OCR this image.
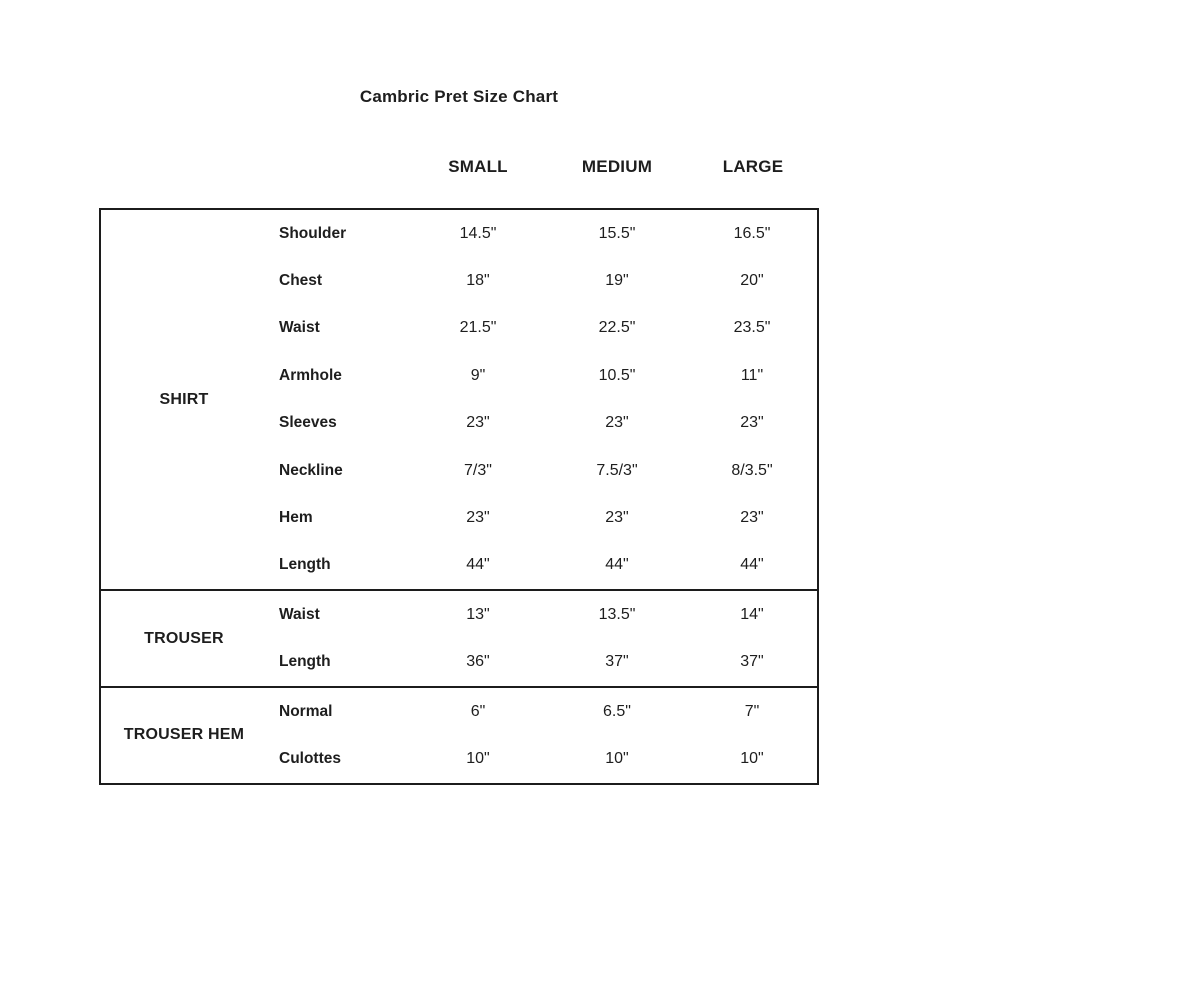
Cambric Pret Size Chart
SMALL	MEDIUM	LARGE
SHIRT
Shoulder	14.5"	15.5"	16.5"
Chest	18"	19"	20"
Waist	21.5"	22.5"	23.5"
Armhole	9"	10.5"	11"
Sleeves	23"	23"	23"
Neckline	7/3"	7.5/3"	8/3.5"
Hem	23"	23"	23"
Length	44"	44"	44"
TROUSER
Waist	13"	13.5"	14"
Length	36"	37"	37"
TROUSER HEM
Normal	6"	6.5"	7"
Culottes	10"	10"	10"
